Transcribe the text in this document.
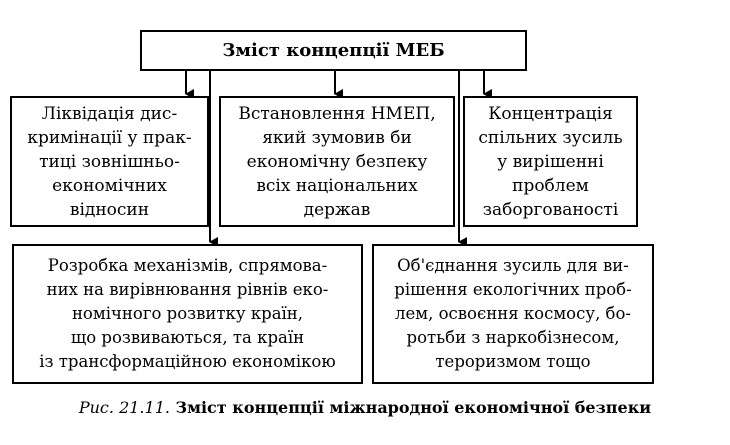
Зміст концепції МЕБ
Ліквідація дис-
кримінації у прак-
тиці зовнішньо-
економічних
відносин
Встановлення НМЕП,
який зумовив би
економічну безпеку
всіх національних
держав
Концентрація
спільних зусиль
у вирішенні
проблем
заборгованості
Розробка механізмів, спрямова-
них на вирівнювання рівнів еко-
номічного розвитку країн,
що розвиваються, та країн
із трансформаційною економікою
Об'єднання зусиль для ви-
рішення екологічних проб-
лем, освоєння космосу, бо-
ротьби з наркобізнесом,
тероризмом тощо
Рис. 21.11. Зміст концепції міжнародної економічної безпеки
